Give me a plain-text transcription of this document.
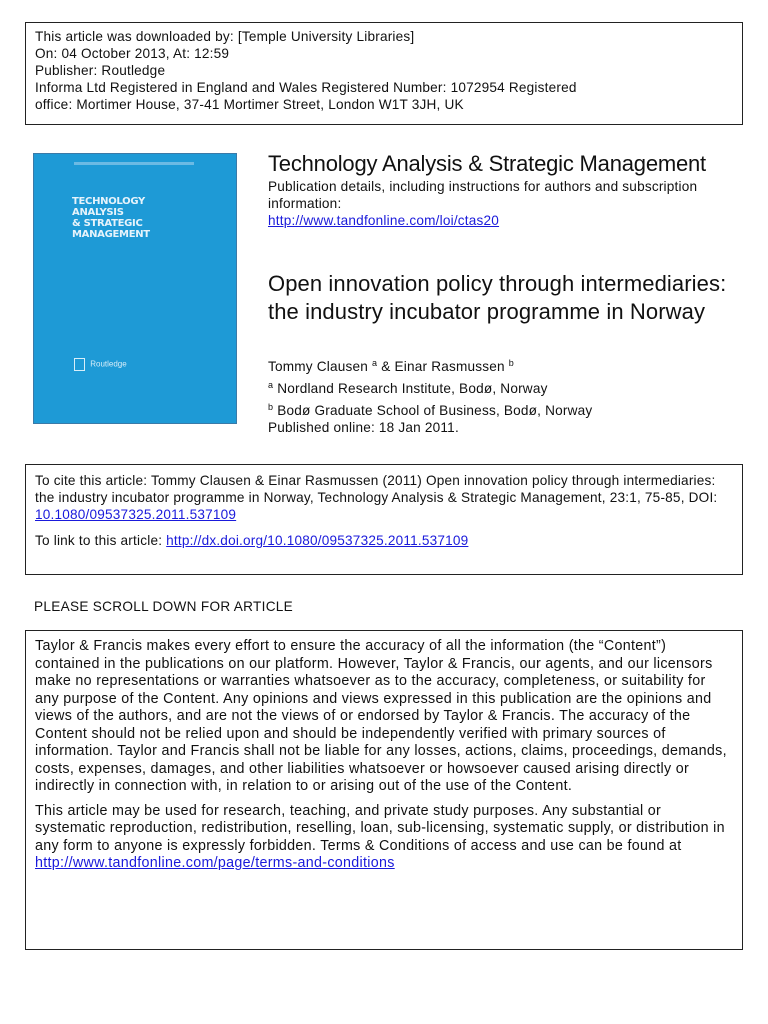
This article was downloaded by: [Temple University Libraries]
On: 04 October 2013, At: 12:59
Publisher: Routledge
Informa Ltd Registered in England and Wales Registered Number: 1072954 Registered
office: Mortimer House, 37-41 Mortimer Street, London W1T 3JH, UK
TECHNOLOGY
ANALYSIS
& STRATEGIC
MANAGEMENT
Routledge
Technology Analysis & Strategic Management
Publication details, including instructions for authors and subscription information:
http://www.tandfonline.com/loi/ctas20
Open innovation policy through intermediaries: the industry incubator programme in Norway
Tommy Clausen $^a$ & Einar Rasmussen $^b$
$^a$ Nordland Research Institute, Bodø, Norway
$^b$ Bodø Graduate School of Business, Bodø, Norway
Published online: 18 Jan 2011.
To cite this article: Tommy Clausen & Einar Rasmussen (2011) Open innovation policy through intermediaries: the industry incubator programme in Norway, Technology Analysis & Strategic Management, 23:1, 75-85, DOI: 10.1080/09537325.2011.537109
To link to this article: http://dx.doi.org/10.1080/09537325.2011.537109
PLEASE SCROLL DOWN FOR ARTICLE

Taylor & Francis makes every effort to ensure the accuracy of all the information (the “Content”) contained in the publications on our platform. However, Taylor & Francis, our agents, and our licensors make no representations or warranties whatsoever as to the accuracy, completeness, or suitability for any purpose of the Content. Any opinions and views expressed in this publication are the opinions and views of the authors, and are not the views of or endorsed by Taylor & Francis. The accuracy of the Content should not be relied upon and should be independently verified with primary sources of information. Taylor and Francis shall not be liable for any losses, actions, claims, proceedings, demands, costs, expenses, damages, and other liabilities whatsoever or howsoever caused arising directly or indirectly in connection with, in relation to or arising out of the use of the Content.

This article may be used for research, teaching, and private study purposes. Any substantial or systematic reproduction, redistribution, reselling, loan, sub-licensing, systematic supply, or distribution in any form to anyone is expressly forbidden. Terms & Conditions of access and use can be found at http://www.tandfonline.com/page/terms-and-conditions
